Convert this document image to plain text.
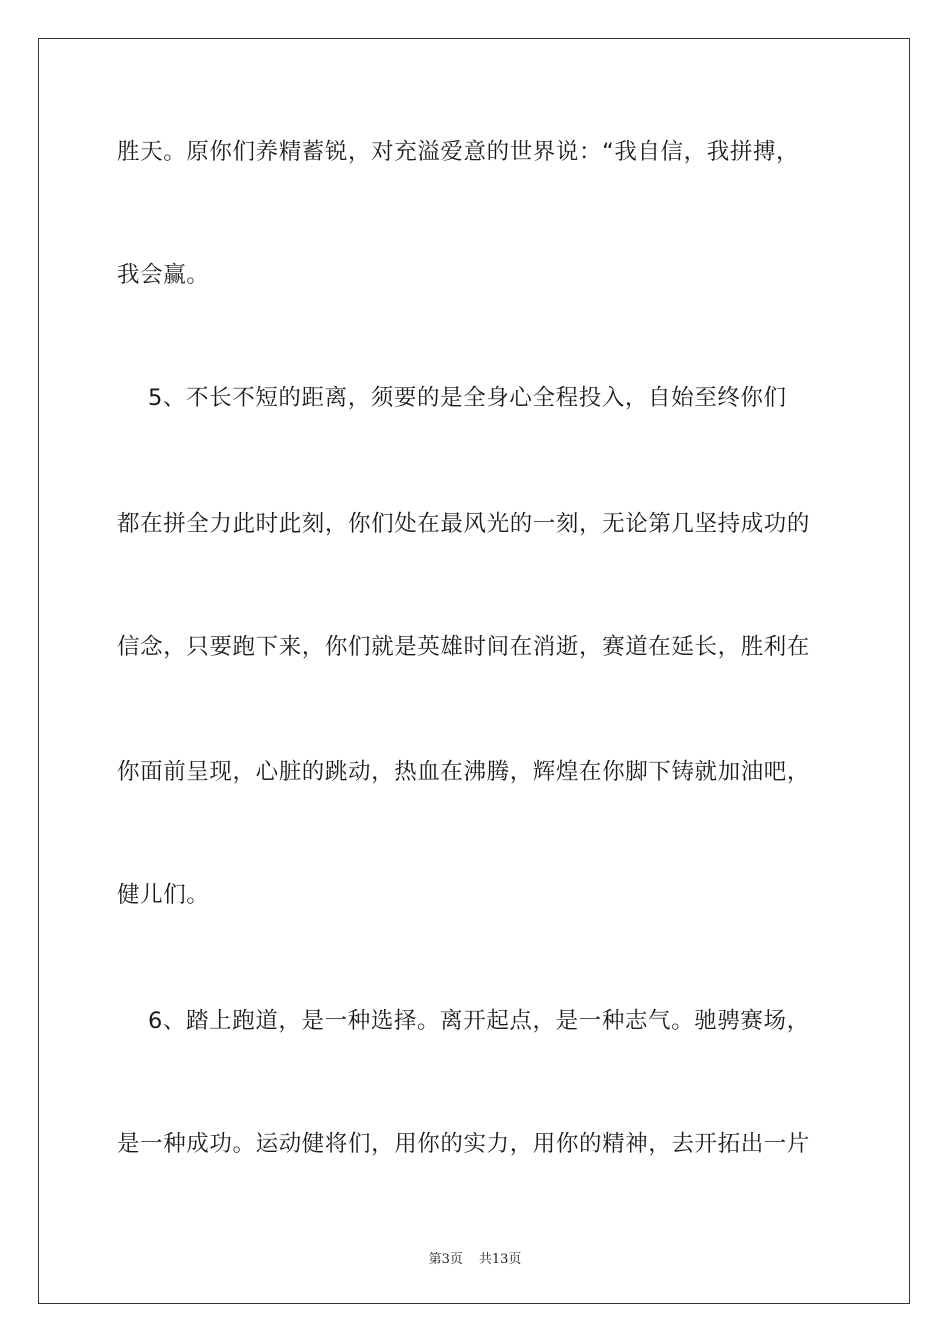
胜天。原你们养精蓄锐，对充溢爱意的世界说：“我自信，我拼搏，
我会赢。
5、不长不短的距离，须要的是全身心全程投入，自始至终你们
都在拼全力此时此刻，你们处在最风光的一刻，无论第几坚持成功的
信念，只要跑下来，你们就是英雄时间在消逝，赛道在延长，胜利在
你面前呈现，心脏的跳动，热血在沸腾，辉煌在你脚下铸就加油吧，
健儿们。
6、踏上跑道，是一种选择。离开起点，是一种志气。驰骋赛场，
是一种成功。运动健将们，用你的实力，用你的精神，去开拓出一片
第3页 共13页
